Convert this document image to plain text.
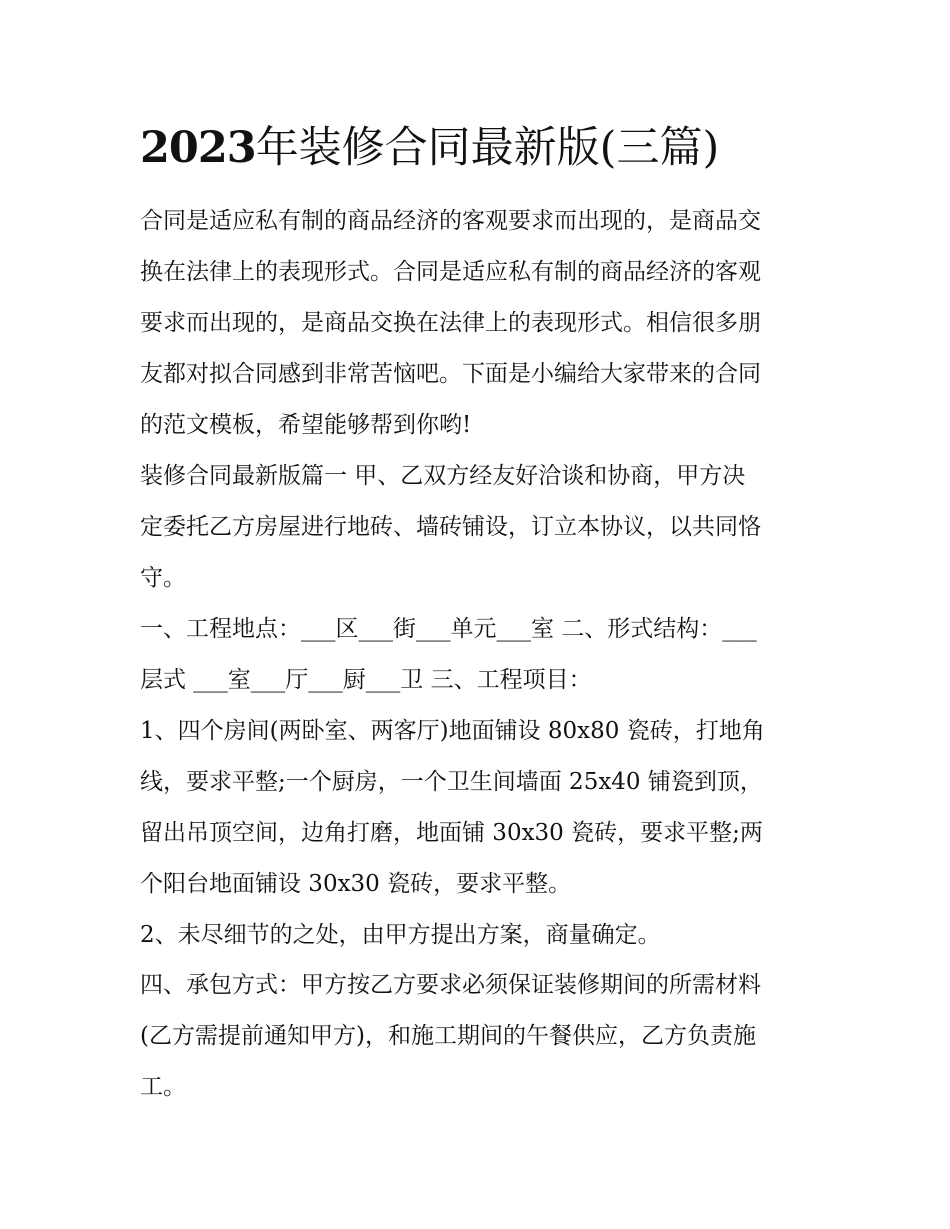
2023年装修合同最新版(三篇)

合同是适应私有制的商品经济的客观要求而出现的，是商品交
换在法律上的表现形式。合同是适应私有制的商品经济的客观
要求而出现的，是商品交换在法律上的表现形式。相信很多朋
友都对拟合同感到非常苦恼吧。下面是小编给大家带来的合同
的范文模板，希望能够帮到你哟!

装修合同最新版篇一 甲、乙双方经友好洽谈和协商，甲方决
定委托乙方房屋进行地砖、墙砖铺设，订立本协议，以共同恪
守。

一、工程地点：___区___街___单元___室 二、形式结构：___
层式 ___室___厅___厨___卫 三、工程项目：

1、四个房间(两卧室、两客厅)地面铺设 80x80 瓷砖，打地角
线，要求平整;一个厨房，一个卫生间墙面 25x40 铺瓷到顶，
留出吊顶空间，边角打磨，地面铺 30x30 瓷砖，要求平整;两
个阳台地面铺设 30x30 瓷砖，要求平整。

2、未尽细节的之处，由甲方提出方案，商量确定。

四、承包方式：甲方按乙方要求必须保证装修期间的所需材料
(乙方需提前通知甲方)，和施工期间的午餐供应，乙方负责施
工。
